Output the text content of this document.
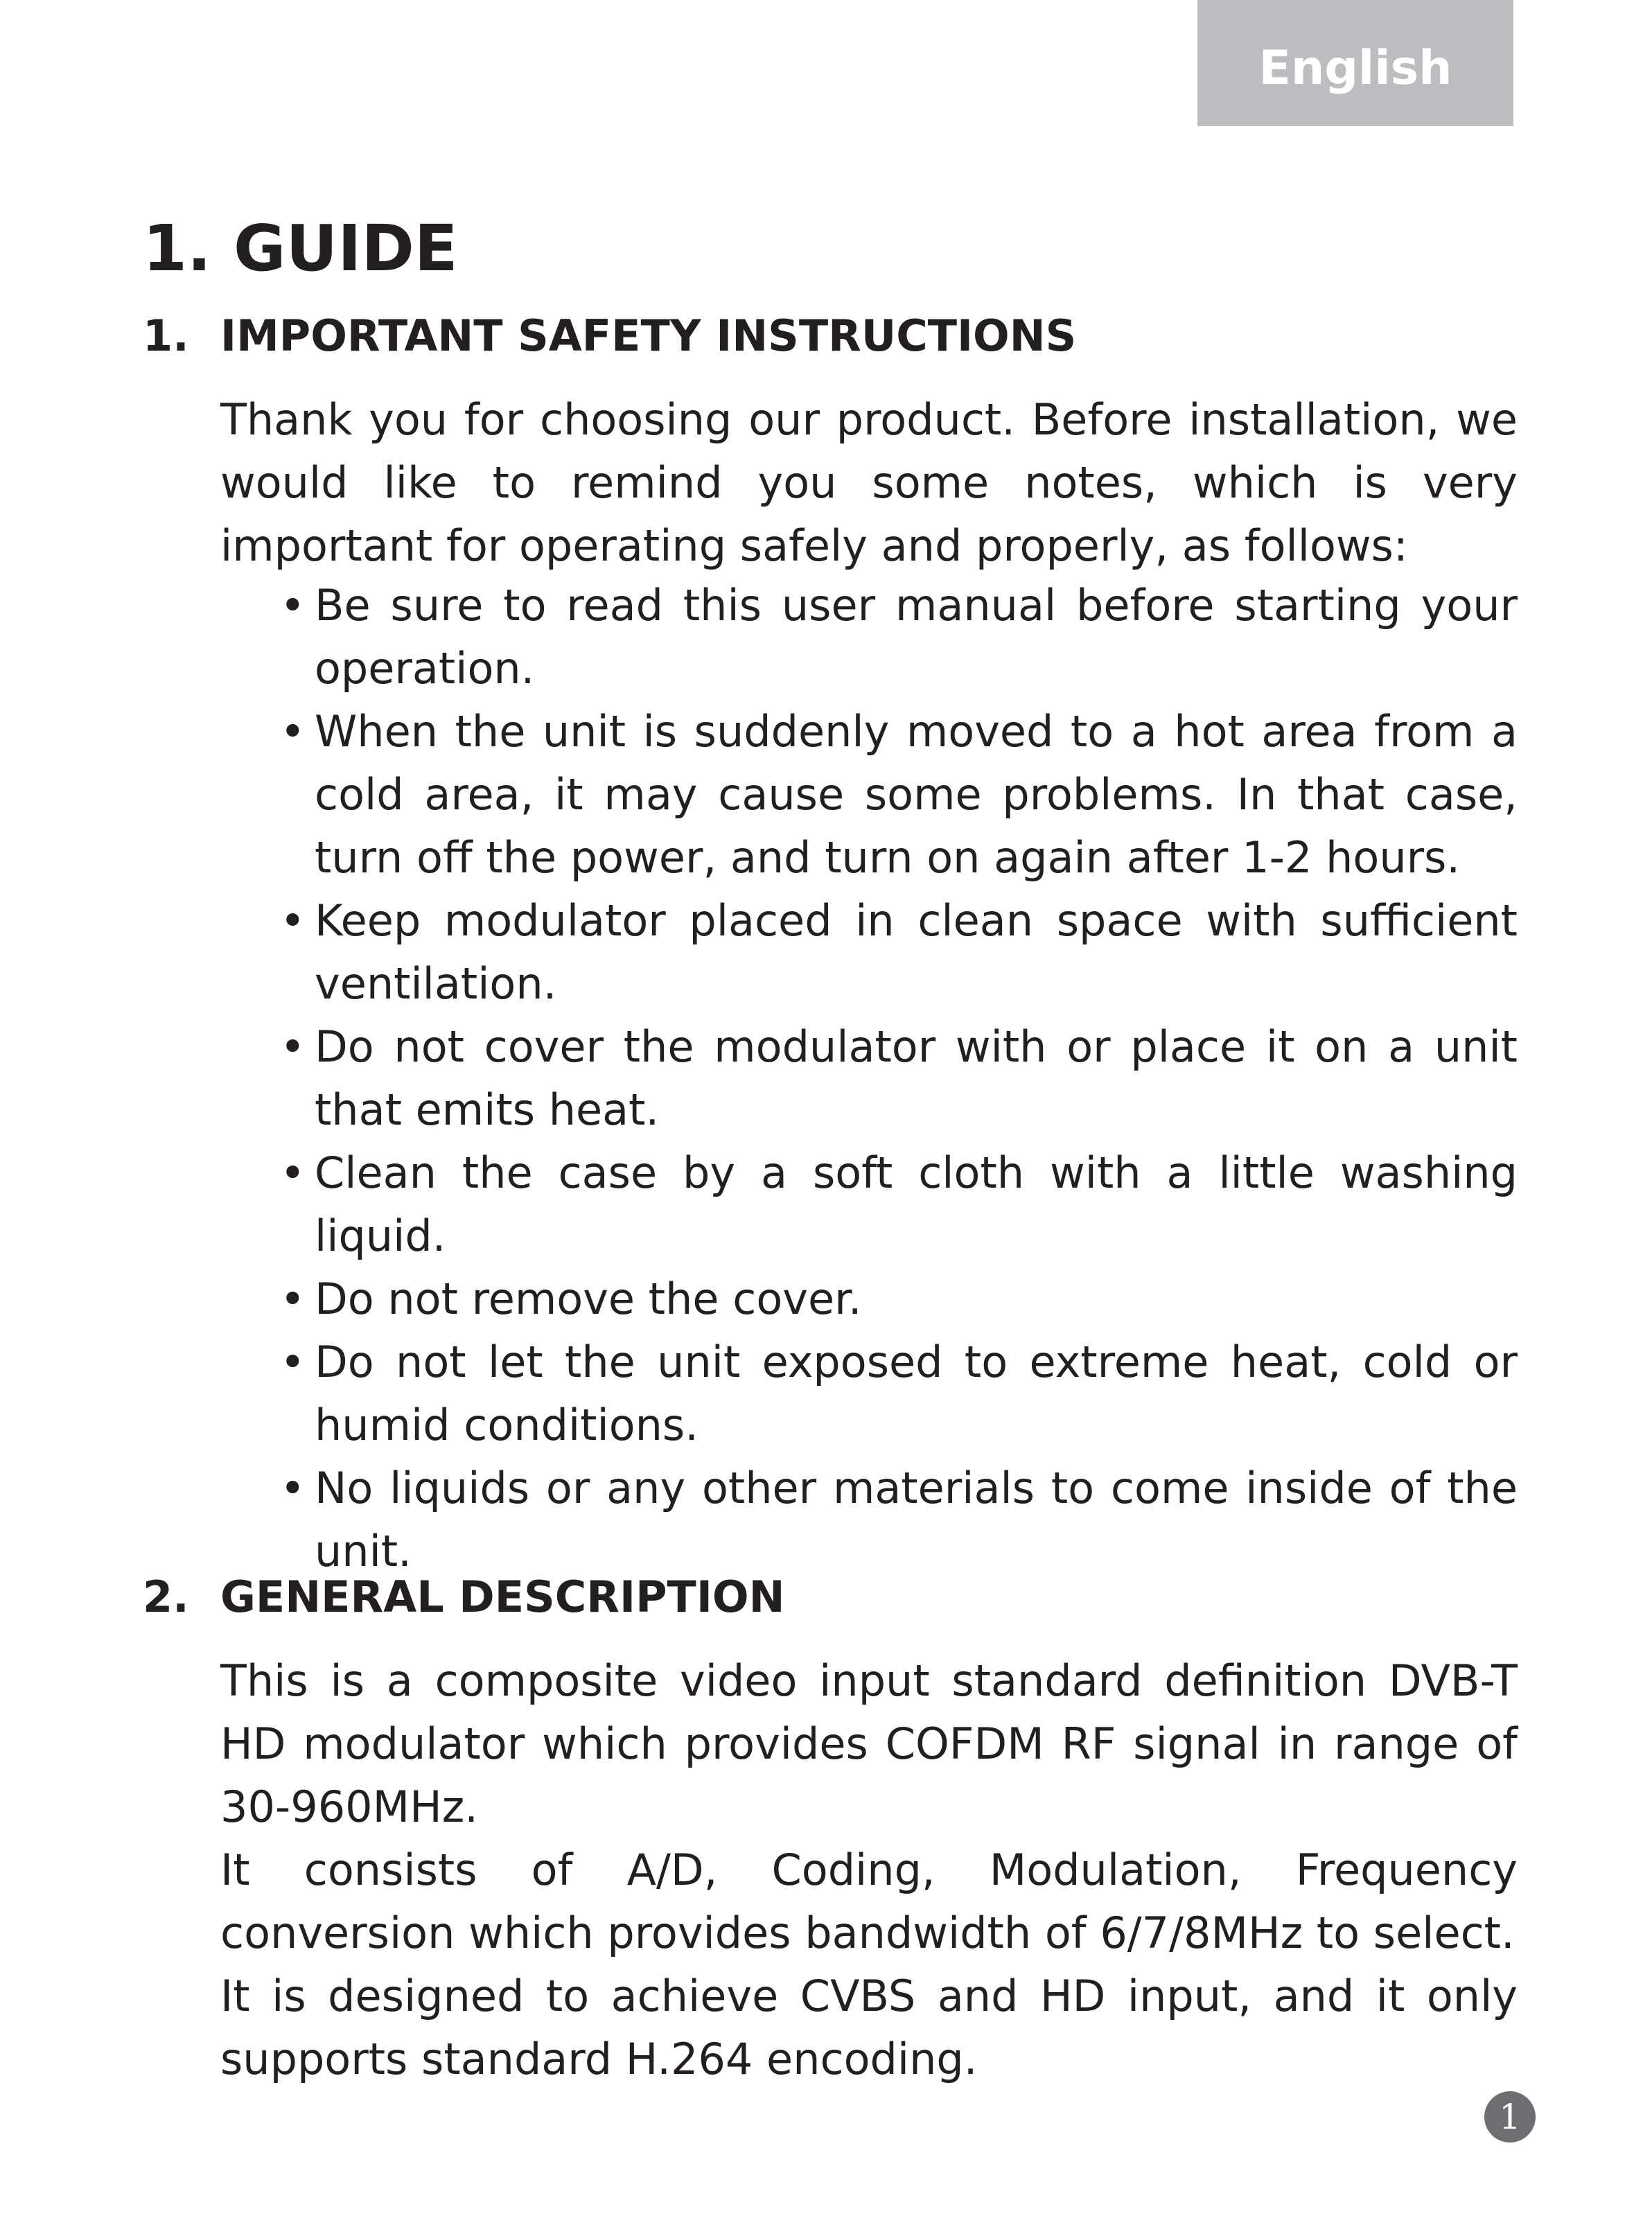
English
1. GUIDE
1. IMPORTANT SAFETY INSTRUCTIONS

Thank you for choosing our product. Before installation, we would like to remind you some notes, which is very important for operating safely and properly, as follows:

• Be sure to read this user manual before starting your operation.
• When the unit is suddenly moved to a hot area from a cold area, it may cause some problems. In that case, turn off the power, and turn on again after 1-2 hours.
• Keep modulator placed in clean space with sufficient ventilation.
• Do not cover the modulator with or place it on a unit that emits heat.
• Clean the case by a soft cloth with a little washing liquid.
• Do not remove the cover.
• Do not let the unit exposed to extreme heat, cold or humid conditions.
• No liquids or any other materials to come inside of the unit.
2. GENERAL DESCRIPTION
This is a composite video input standard definition DVB-T HD modulator which provides COFDM RF signal in range of 30-960MHz.
It consists of A/D, Coding, Modulation, Frequency conversion which provides bandwidth of 6/7/8MHz to select.
It is designed to achieve CVBS and HD input, and it only supports standard H.264 encoding.
1
